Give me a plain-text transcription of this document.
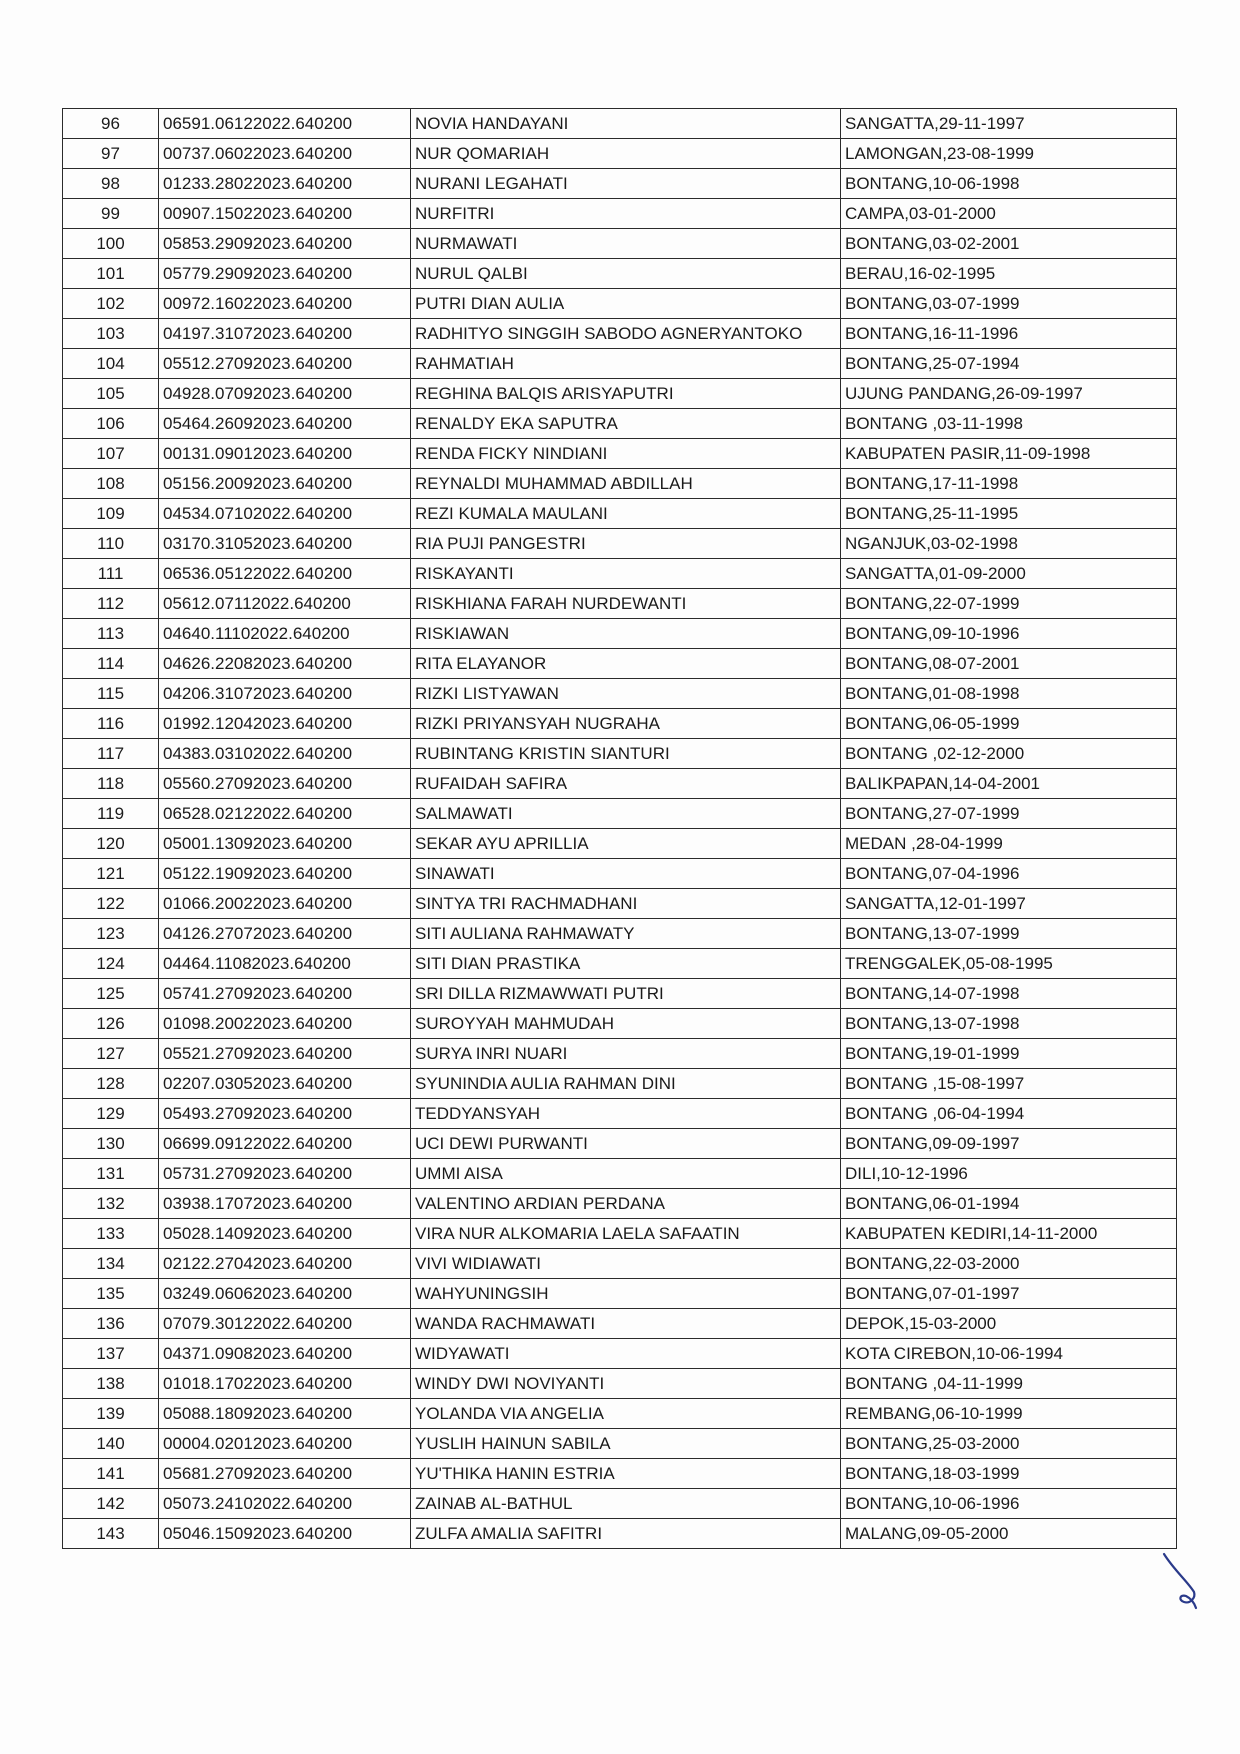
96	06591.06122022.640200	NOVIA HANDAYANI	SANGATTA,29-11-1997
97	00737.06022023.640200	NUR QOMARIAH	LAMONGAN,23-08-1999
98	01233.28022023.640200	NURANI LEGAHATI	BONTANG,10-06-1998
99	00907.15022023.640200	NURFITRI	CAMPA,03-01-2000
100	05853.29092023.640200	NURMAWATI	BONTANG,03-02-2001
101	05779.29092023.640200	NURUL QALBI	BERAU,16-02-1995
102	00972.16022023.640200	PUTRI DIAN AULIA	BONTANG,03-07-1999
103	04197.31072023.640200	RADHITYO SINGGIH SABODO AGNERYANTOKO	BONTANG,16-11-1996
104	05512.27092023.640200	RAHMATIAH	BONTANG,25-07-1994
105	04928.07092023.640200	REGHINA BALQIS ARISYAPUTRI	UJUNG PANDANG,26-09-1997
106	05464.26092023.640200	RENALDY EKA SAPUTRA	BONTANG ,03-11-1998
107	00131.09012023.640200	RENDA FICKY NINDIANI	KABUPATEN PASIR,11-09-1998
108	05156.20092023.640200	REYNALDI MUHAMMAD ABDILLAH	BONTANG,17-11-1998
109	04534.07102022.640200	REZI KUMALA MAULANI	BONTANG,25-11-1995
110	03170.31052023.640200	RIA PUJI PANGESTRI	NGANJUK,03-02-1998
111	06536.05122022.640200	RISKAYANTI	SANGATTA,01-09-2000
112	05612.07112022.640200	RISKHIANA FARAH NURDEWANTI	BONTANG,22-07-1999
113	04640.11102022.640200	RISKIAWAN	BONTANG,09-10-1996
114	04626.22082023.640200	RITA ELAYANOR	BONTANG,08-07-2001
115	04206.31072023.640200	RIZKI LISTYAWAN	BONTANG,01-08-1998
116	01992.12042023.640200	RIZKI PRIYANSYAH NUGRAHA	BONTANG,06-05-1999
117	04383.03102022.640200	RUBINTANG KRISTIN SIANTURI	BONTANG ,02-12-2000
118	05560.27092023.640200	RUFAIDAH SAFIRA	BALIKPAPAN,14-04-2001
119	06528.02122022.640200	SALMAWATI	BONTANG,27-07-1999
120	05001.13092023.640200	SEKAR AYU APRILLIA	MEDAN ,28-04-1999
121	05122.19092023.640200	SINAWATI	BONTANG,07-04-1996
122	01066.20022023.640200	SINTYA TRI RACHMADHANI	SANGATTA,12-01-1997
123	04126.27072023.640200	SITI AULIANA RAHMAWATY	BONTANG,13-07-1999
124	04464.11082023.640200	SITI DIAN PRASTIKA	TRENGGALEK,05-08-1995
125	05741.27092023.640200	SRI DILLA RIZMAWWATI PUTRI	BONTANG,14-07-1998
126	01098.20022023.640200	SUROYYAH MAHMUDAH	BONTANG,13-07-1998
127	05521.27092023.640200	SURYA INRI NUARI	BONTANG,19-01-1999
128	02207.03052023.640200	SYUNINDIA AULIA RAHMAN DINI	BONTANG ,15-08-1997
129	05493.27092023.640200	TEDDYANSYAH	BONTANG ,06-04-1994
130	06699.09122022.640200	UCI DEWI PURWANTI	BONTANG,09-09-1997
131	05731.27092023.640200	UMMI AISA	DILI,10-12-1996
132	03938.17072023.640200	VALENTINO ARDIAN PERDANA	BONTANG,06-01-1994
133	05028.14092023.640200	VIRA NUR ALKOMARIA LAELA SAFAATIN	KABUPATEN KEDIRI,14-11-2000
134	02122.27042023.640200	VIVI WIDIAWATI	BONTANG,22-03-2000
135	03249.06062023.640200	WAHYUNINGSIH	BONTANG,07-01-1997
136	07079.30122022.640200	WANDA RACHMAWATI	DEPOK,15-03-2000
137	04371.09082023.640200	WIDYAWATI	KOTA CIREBON,10-06-1994
138	01018.17022023.640200	WINDY DWI NOVIYANTI	BONTANG ,04-11-1999
139	05088.18092023.640200	YOLANDA VIA ANGELIA	REMBANG,06-10-1999
140	00004.02012023.640200	YUSLIH HAINUN SABILA	BONTANG,25-03-2000
141	05681.27092023.640200	YU'THIKA HANIN ESTRIA	BONTANG,18-03-1999
142	05073.24102022.640200	ZAINAB AL-BATHUL	BONTANG,10-06-1996
143	05046.15092023.640200	ZULFA AMALIA SAFITRI	MALANG,09-05-2000
